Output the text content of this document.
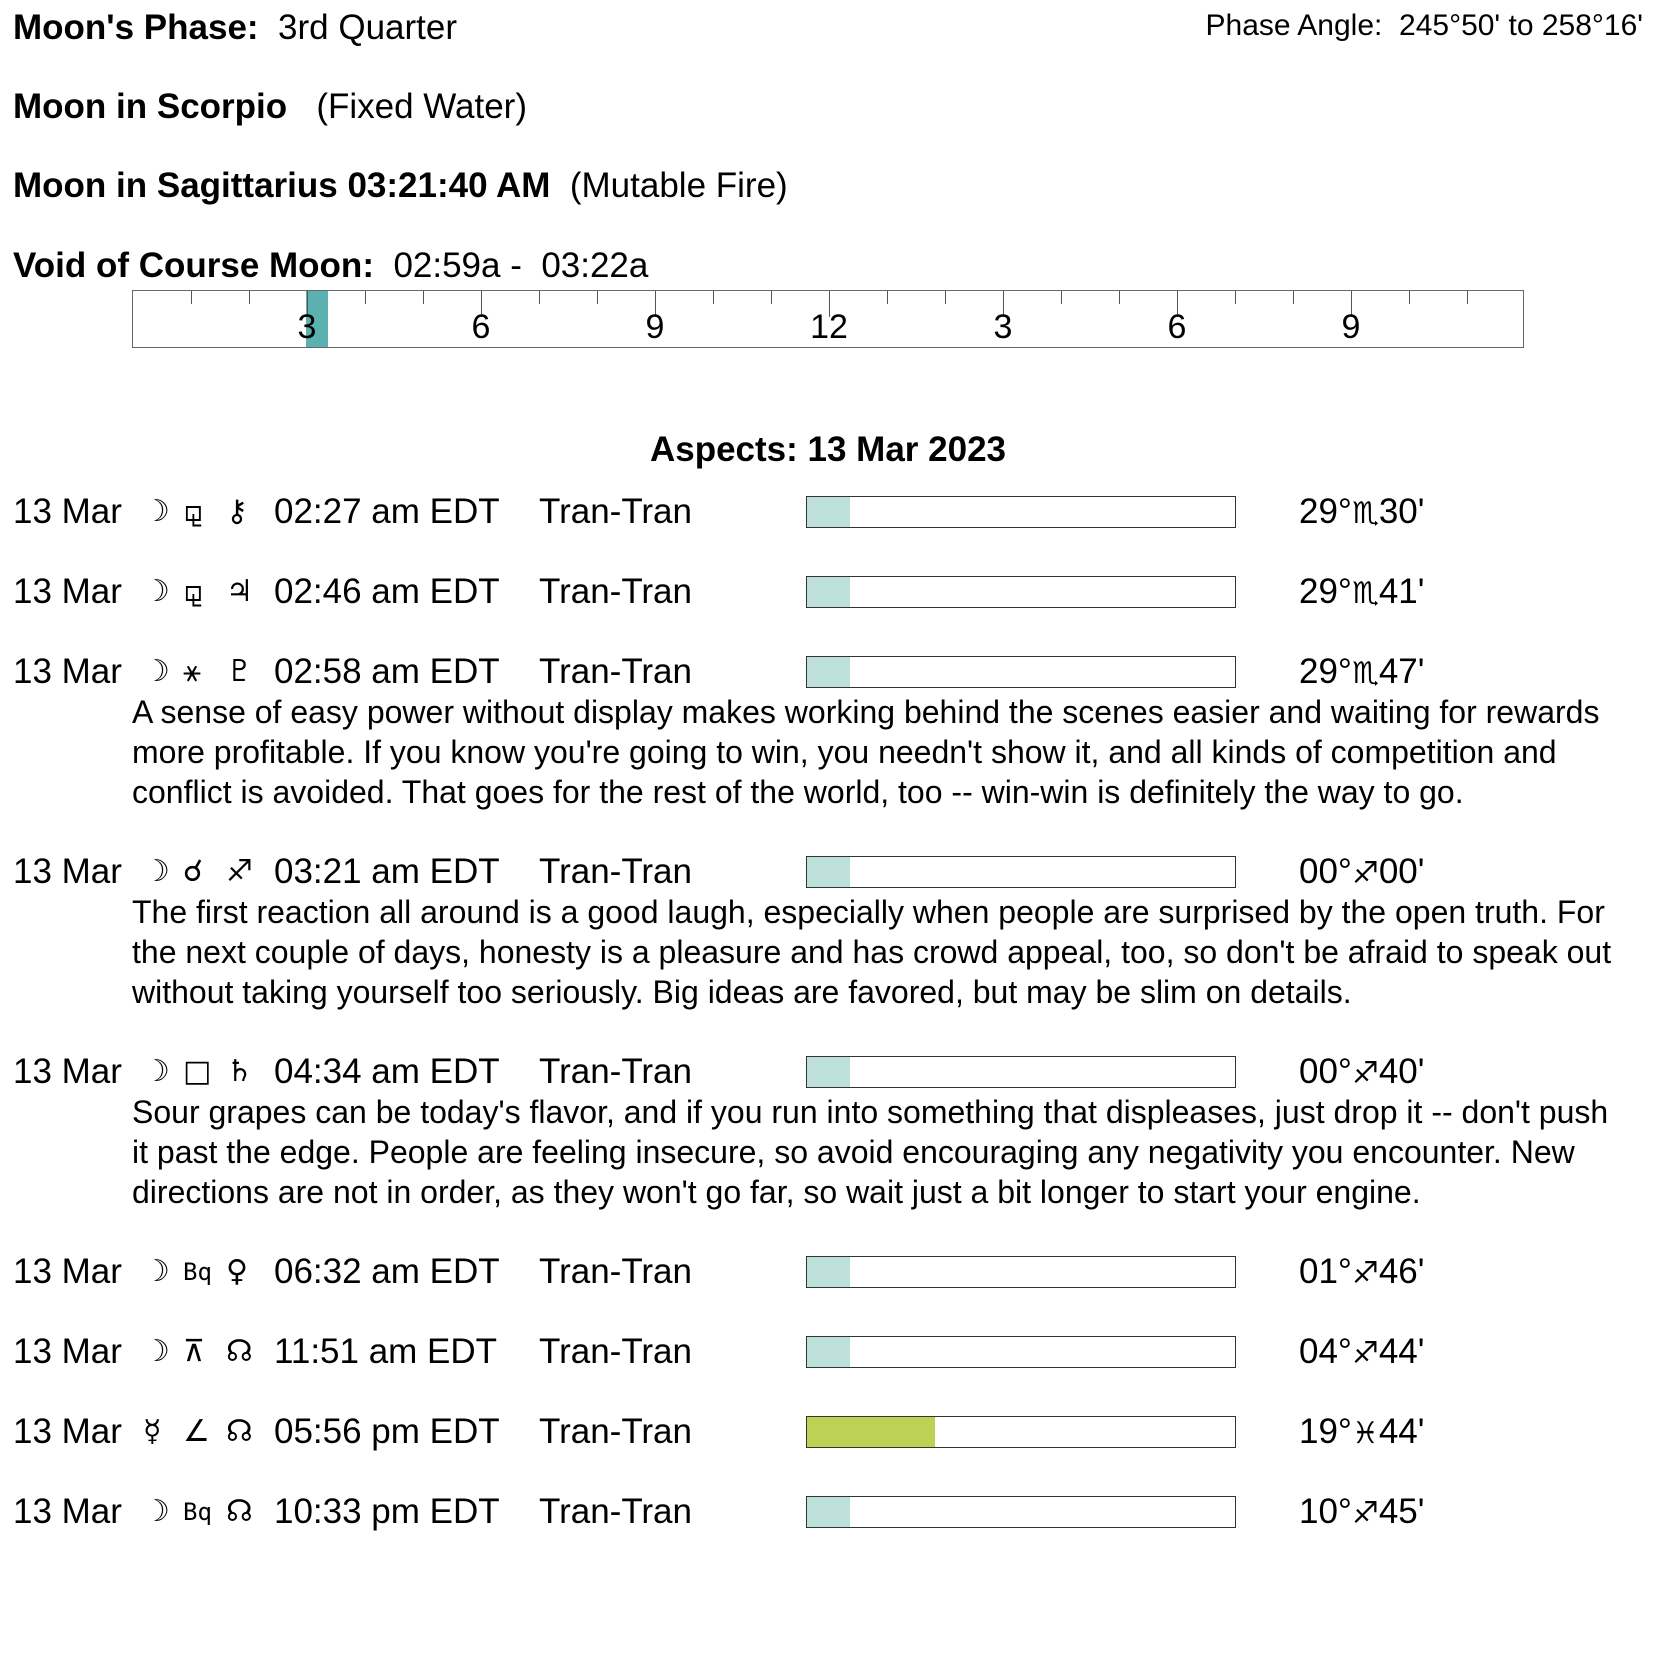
Moon's Phase: 3rd Quarter	Phase Angle: 245°50' to 258°16'
Moon in Scorpio (Fixed Water)
Moon in Sagittarius 03:21:40 AM (Mutable Fire)
Void of Course Moon: 02:59a -  03:22a
3	6	9	12	3	6	9
Aspects: 13 Mar 2023
13 Mar ☽ ⚼ ⚷ 02:27 am EDT Tran-Tran	29°♏30'
13 Mar ☽ ⚼ ♃ 02:46 am EDT Tran-Tran	29°♏41'
13 Mar ☽ ⚹ ♇ 02:58 am EDT Tran-Tran	29°♏47'
A sense of easy power without display makes working behind the scenes easier and waiting for rewards more profitable. If you know you're going to win, you needn't show it, and all kinds of competition and conflict is avoided. That goes for the rest of the world, too -- win-win is definitely the way to go.
13 Mar ☽ ☌ ♐ 03:21 am EDT Tran-Tran	00°♐00'
The first reaction all around is a good laugh, especially when people are surprised by the open truth. For the next couple of days, honesty is a pleasure and has crowd appeal, too, so don't be afraid to speak out without taking yourself too seriously. Big ideas are favored, but may be slim on details.
13 Mar ☽ □ ♄ 04:34 am EDT Tran-Tran	00°♐40'
Sour grapes can be today's flavor, and if you run into something that displeases, just drop it -- don't push it past the edge. People are feeling insecure, so avoid encouraging any negativity you encounter. New directions are not in order, as they won't go far, so wait just a bit longer to start your engine.
13 Mar ☽ Bq ♀ 06:32 am EDT Tran-Tran	01°♐46'
13 Mar ☽ ⊼ ☊ 11:51 am EDT Tran-Tran	04°♐44'
13 Mar ☿ ∠ ☊ 05:56 pm EDT Tran-Tran	19°♓44'
13 Mar ☽ Bq ☊ 10:33 pm EDT Tran-Tran	10°♐45'
